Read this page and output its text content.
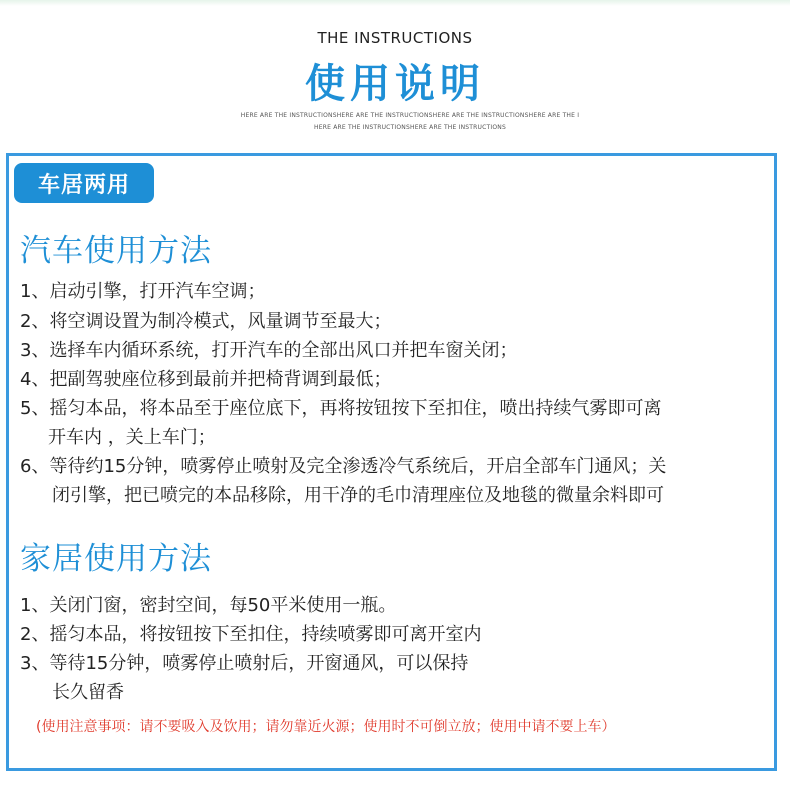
THE INSTRUCTIONS
使用说明
HERE ARE THE INSTRUCTIONSHERE ARE THE INSTRUCTIONSHERE ARE THE INSTRUCTIONSHERE ARE THE I
HERE ARE THE INSTRUCTIONSHERE ARE THE INSTRUCTIONS
车居两用
汽车使用方法
1、启动引擎，打开汽车空调；
2、将空调设置为制冷模式，风量调节至最大；
3、选择车内循环系统，打开汽车的全部出风口并把车窗关闭；
4、把副驾驶座位移到最前并把椅背调到最低；
5、摇匀本品，将本品至于座位底下，再将按钮按下至扣住，喷出持续气雾即可离
开车内 ，关上车门；
6、等待约15分钟，喷雾停止喷射及完全渗透冷气系统后，开启全部车门通风；关
闭引擎，把已喷完的本品移除，用干净的毛巾清理座位及地毯的微量余料即可
家居使用方法
1、关闭门窗，密封空间，每50平米使用一瓶。
2、摇匀本品，将按钮按下至扣住，持续喷雾即可离开室内
3、等待15分钟，喷雾停止喷射后，开窗通风，可以保持
长久留香
(使用注意事项：请不要吸入及饮用；请勿靠近火源；使用时不可倒立放；使用中请不要上车）
